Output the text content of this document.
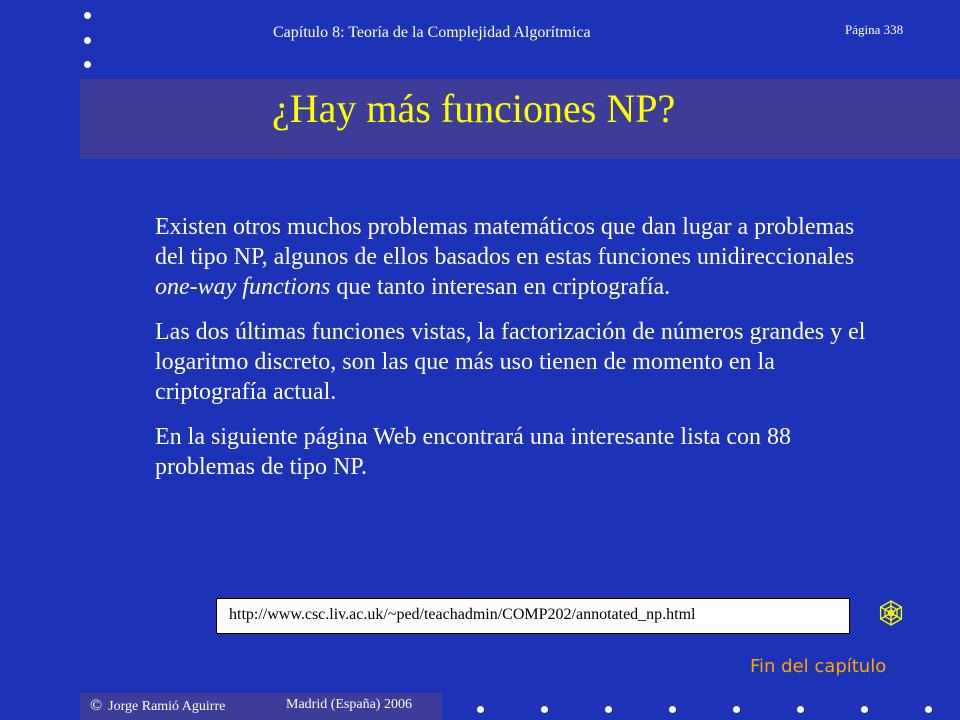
Capítulo 8: Teoría de la Complejidad Algorítmica	Página 338
¿Hay más funciones NP?

Existen otros muchos problemas matemáticos que dan lugar a problemas del tipo NP, algunos de ellos basados en estas funciones unidireccionales one-way functions que tanto interesan en criptografía.

Las dos últimas funciones vistas, la factorización de números grandes y el logaritmo discreto, son las que más uso tienen de momento en la criptografía actual.

En la siguiente página Web encontrará una interesante lista con 88 problemas de tipo NP.

http://www.csc.liv.ac.uk/~ped/teachadmin/COMP202/annotated_np.html
Fin del capítulo
© Jorge Ramió Aguirre	Madrid (España) 2006
